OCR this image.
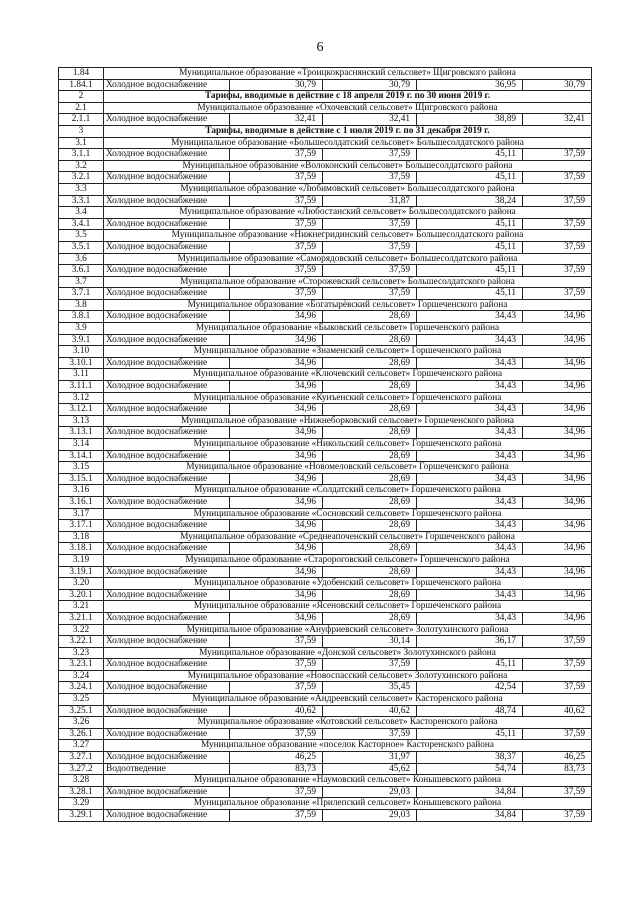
6
1.84	Муниципальное образование «Троицкокраснянский сельсовет» Щигровского района				
1.84.1	Холодное водоснабжение	30,79	30,79	36,95	30,79
2	Тарифы, вводимые в действие с 18 апреля 2019 г. по 30 июня 2019 г.				
2.1	Муниципальное образование «Охочевский сельсовет» Щигровского района				
2.1.1	Холодное водоснабжение	32,41	32,41	38,89	32,41
3	Тарифы, вводимые в действие с 1 июля 2019 г. по 31 декабря 2019 г.				
3.1	Муниципальное образование «Большесолдатский сельсовет» Большесолдатского района				
3.1.1	Холодное водоснабжение	37,59	37,59	45,11	37,59
3.2	Муниципальное образование «Волоконский сельсовет» Большесолдатского района				
3.2.1	Холодное водоснабжение	37,59	37,59	45,11	37,59
3.3	Муниципальное образование «Любимовский сельсовет» Большесолдатского района				
3.3.1	Холодное водоснабжение	37,59	31,87	38,24	37,59
3.4	Муниципальное образование «Любостанский сельсовет» Большесолдатского района				
3.4.1	Холодное водоснабжение	37,59	37,59	45,11	37,59
3.5	Муниципальное образование «Нижнегридинский сельсовет» Большесолдатского района				
3.5.1	Холодное водоснабжение	37,59	37,59	45,11	37,59
3.6	Муниципальное образование «Саморядовский сельсовет» Большесолдатского района				
3.6.1	Холодное водоснабжение	37,59	37,59	45,11	37,59
3.7	Муниципальное образование «Сторожевский сельсовет» Большесолдатского района				
3.7.1	Холодное водоснабжение	37,59	37,59	45,11	37,59
3.8	Муниципальное образование «Богатырёвский сельсовет» Горшеченского района				
3.8.1	Холодное водоснабжение	34,96	28,69	34,43	34,96
3.9	Муниципальное образование «Быковский сельсовет» Горшеченского района				
3.9.1	Холодное водоснабжение	34,96	28,69	34,43	34,96
3.10	Муниципальное образование «Знаменский сельсовет» Горшеченского района				
3.10.1	Холодное водоснабжение	34,96	28,69	34,43	34,96
3.11	Муниципальное образование «Ключевский сельсовет» Горшеченского района				
3.11.1	Холодное водоснабжение	34,96	28,69	34,43	34,96
3.12	Муниципальное образование «Кунъенский сельсовет» Горшеченского района				
3.12.1	Холодное водоснабжение	34,96	28,69	34,43	34,96
3.13	Муниципальное образование «Нижнеборковский сельсовет» Горшеченского района				
3.13.1	Холодное водоснабжение	34,96	28,69	34,43	34,96
3.14	Муниципальное образование «Никольский сельсовет» Горшеченского района				
3.14.1	Холодное водоснабжение	34,96	28,69	34,43	34,96
3.15	Муниципальное образование «Новомеловский сельсовет» Горшеченского района				
3.15.1	Холодное водоснабжение	34,96	28,69	34,43	34,96
3.16	Муниципальное образование «Солдатский сельсовет» Горшеченского района				
3.16.1	Холодное водоснабжение	34,96	28,69	34,43	34,96
3.17	Муниципальное образование «Сосновский сельсовет» Горшеченского района				
3.17.1	Холодное водоснабжение	34,96	28,69	34,43	34,96
3.18	Муниципальное образование «Среднеапоченский сельсовет» Горшеченского района				
3.18.1	Холодное водоснабжение	34,96	28,69	34,43	34,96
3.19	Муниципальное образование «Старороговский сельсовет» Горшеченского района				
3.19.1	Холодное водоснабжение	34,96	28,69	34,43	34,96
3.20	Муниципальное образование «Удобенский сельсовет» Горшеченского района				
3.20.1	Холодное водоснабжение	34,96	28,69	34,43	34,96
3.21	Муниципальное образование «Ясеновский сельсовет» Горшеченского района				
3.21.1	Холодное водоснабжение	34,96	28,69	34,43	34,96
3.22	Муниципальное образование «Ануфриевский сельсовет» Золотухинского района				
3.22.1	Холодное водоснабжение	37,59	30,14	36,17	37,59
3.23	Муниципальное образование «Донской сельсовет» Золотухинского района				
3.23.1	Холодное водоснабжение	37,59	37,59	45,11	37,59
3.24	Муниципальное образование «Новоспасский сельсовет» Золотухинского района				
3.24.1	Холодное водоснабжение	37,59	35,45	42,54	37,59
3.25	Муниципальное образование «Андреевский сельсовет» Касторенского района				
3.25.1	Холодное водоснабжение	40,62	40,62	48,74	40,62
3.26	Муниципальное образование «Котовский сельсовет» Касторенского района				
3.26.1	Холодное водоснабжение	37,59	37,59	45,11	37,59
3.27	Муниципальное образование «поселок Касторное» Касторенского района				
3.27.1	Холодное водоснабжение	46,25	31,97	38,37	46,25
3.27.2	Водоотведение	83,73	45,62	54,74	83,73
3.28	Муниципальное образование «Наумовский сельсовет» Конышевского района				
3.28.1	Холодное водоснабжение	37,59	29,03	34,84	37,59
3.29	Муниципальное образование «Прилепский сельсовет» Конышевского района				
3.29.1	Холодное водоснабжение	37,59	29,03	34,84	37,59
